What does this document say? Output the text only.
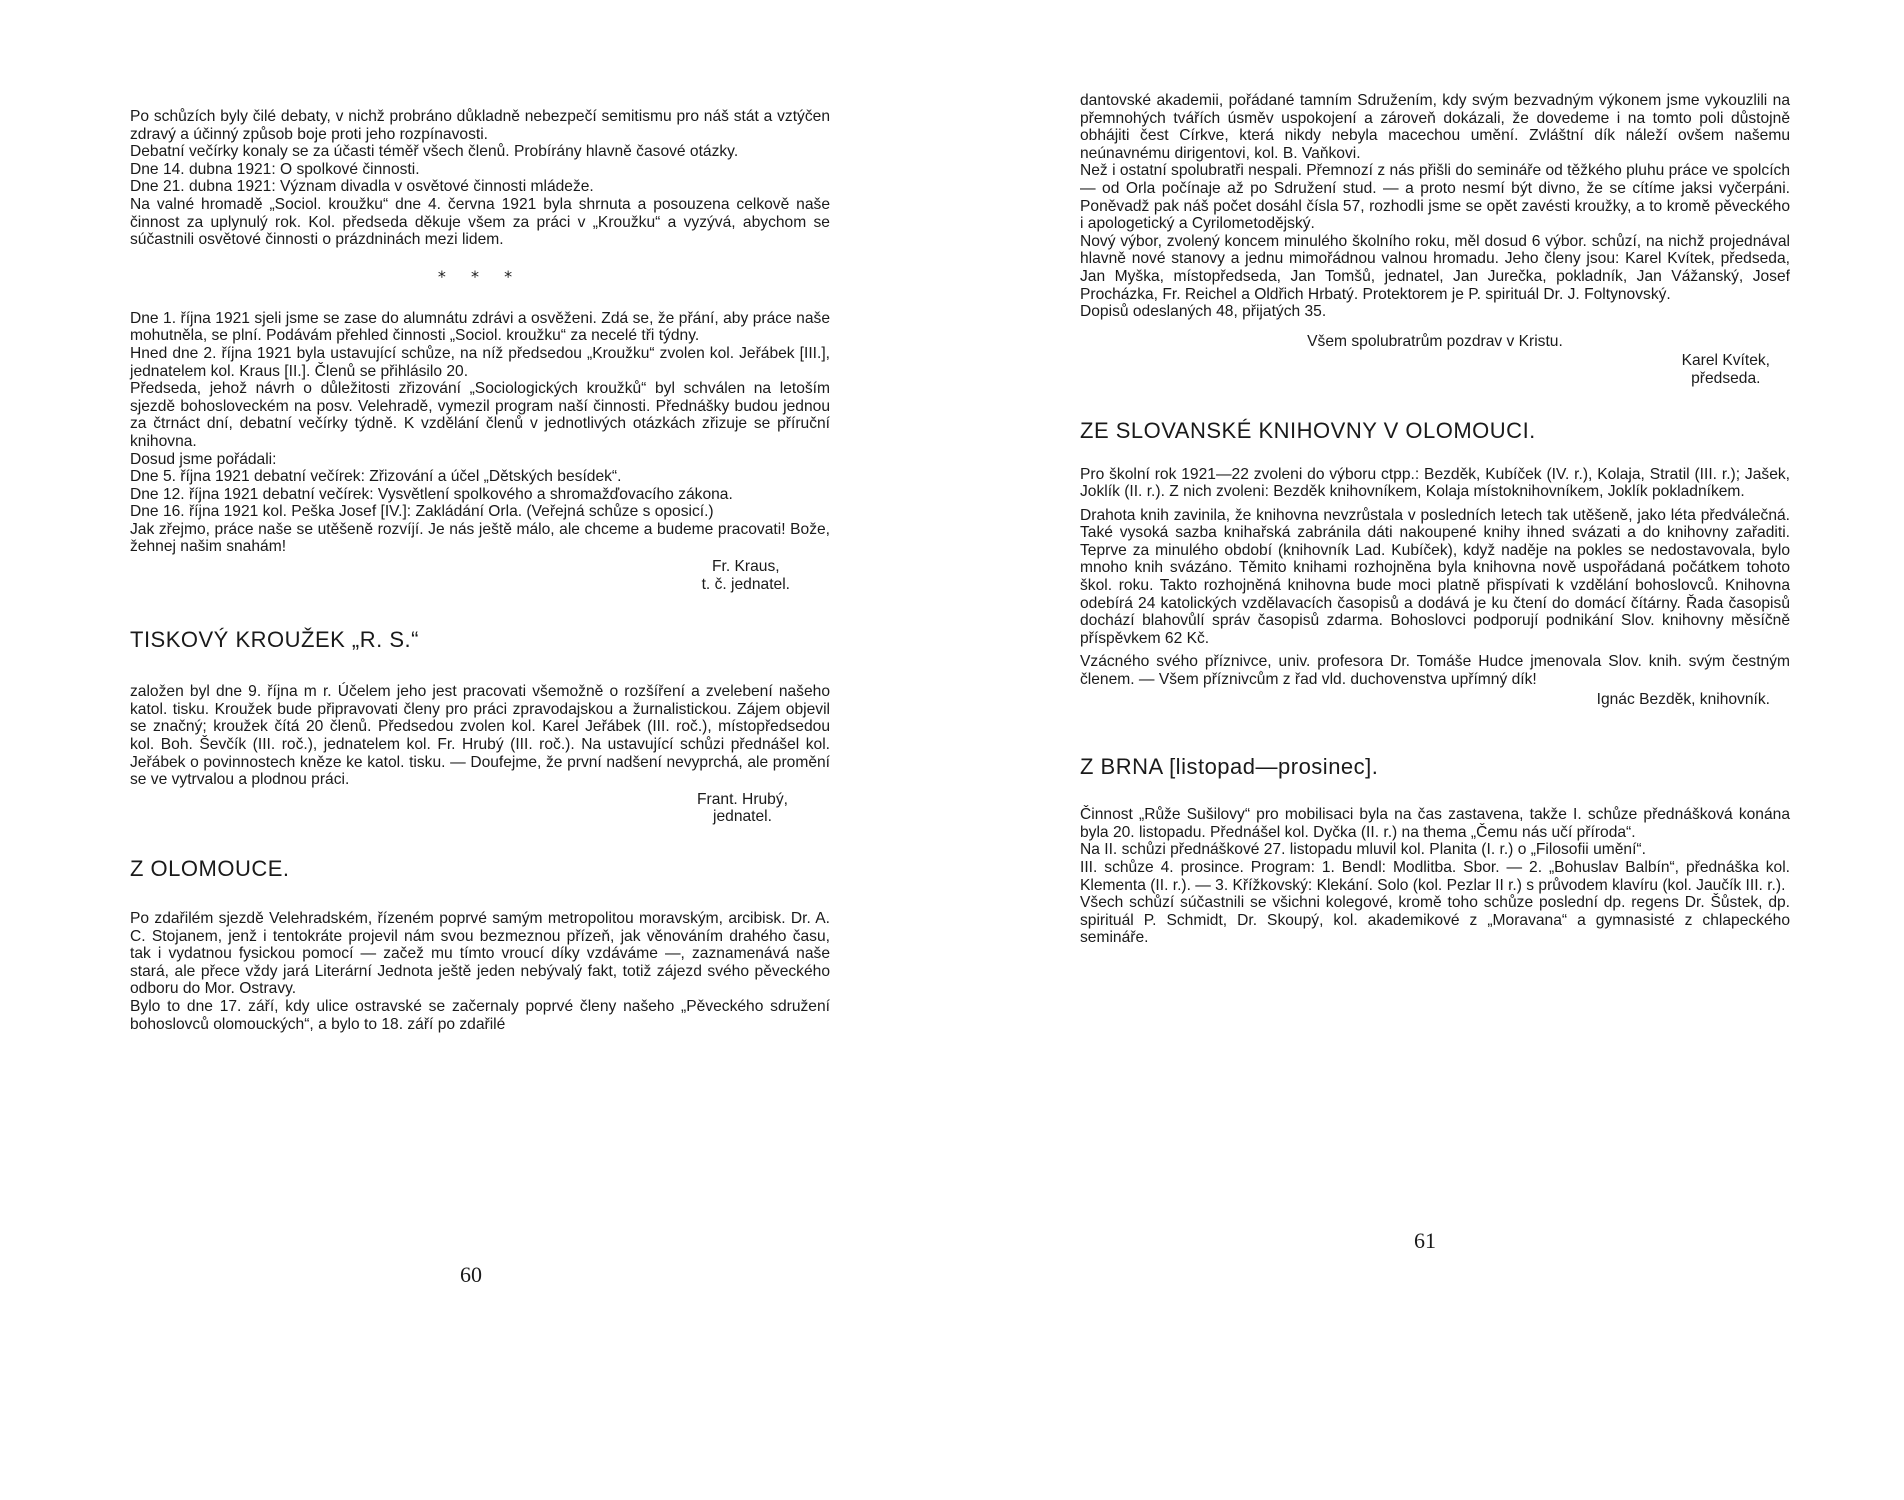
Po schůzích byly čilé debaty, v nichž probráno důkladně nebezpečí semitismu pro náš stát a vztýčen zdravý a účinný způsob boje proti jeho rozpínavosti.

Debatní večírky konaly se za účasti téměř všech členů. Probírány hlavně časové otázky.

Dne 14. dubna 1921: O spolkové činnosti.

Dne 21. dubna 1921: Význam divadla v osvětové činnosti mládeže.

Na valné hromadě „Sociol. kroužku“ dne 4. června 1921 byla shrnuta a posouzena celkově naše činnost za uplynulý rok. Kol. předseda děkuje všem za práci v „Kroužku“ a vyzývá, abychom se súčastnili osvětové činnosti o prázdninách mezi lidem.

* * *

Dne 1. října 1921 sjeli jsme se zase do alumnátu zdrávi a osvěženi. Zdá se, že přání, aby práce naše mohutněla, se plní. Podávám přehled činnosti „Sociol. kroužku“ za necelé tři týdny.

Hned dne 2. října 1921 byla ustavující schůze, na níž předsedou „Kroužku“ zvolen kol. Jeřábek [III.], jednatelem kol. Kraus [II.]. Členů se přihlásilo 20.

Předseda, jehož návrh o důležitosti zřizování „Sociologických kroužků“ byl schválen na letoším sjezdě bohosloveckém na posv. Velehradě, vymezil program naší činnosti. Přednášky budou jednou za čtrnáct dní, debatní večírky týdně. K vzdělání členů v jednotlivých otázkách zřizuje se příruční knihovna.

Dosud jsme pořádali:

Dne 5. října 1921 debatní večírek: Zřizování a účel „Dětských besídek“.

Dne 12. října 1921 debatní večírek: Vysvětlení spolkového a shromažďovacího zákona.

Dne 16. října 1921 kol. Peška Josef [IV.]: Zakládání Orla. (Veřejná schůze s oposicí.)

Jak zřejmo, práce naše se utěšeně rozvíjí. Je nás ještě málo, ale chceme a budeme pracovati! Bože, žehnej našim snahám!

Fr. Kraus,
t. č. jednatel.
TISKOVÝ KROUŽEK „R. S.“

založen byl dne 9. října m r. Účelem jeho jest pracovati všemožně o rozšíření a zvelebení našeho katol. tisku. Kroužek bude připravovati členy pro práci zpravodajskou a žurnalistickou. Zájem objevil se značný; kroužek čítá 20 členů. Předsedou zvolen kol. Karel Jeřábek (III. roč.), místopředsedou kol. Boh. Ševčík (III. roč.), jednatelem kol. Fr. Hrubý (III. roč.). Na ustavující schůzi přednášel kol. Jeřábek o povinnostech kněze ke katol. tisku. — Doufejme, že první nadšení nevyprchá, ale promění se ve vytrvalou a plodnou práci.

Frant. Hrubý,
jednatel.
Z OLOMOUCE.

Po zdařilém sjezdě Velehradském, řízeném poprvé samým metropolitou moravským, arcibisk. Dr. A. C. Stojanem, jenž i tentokráte projevil nám svou bezmeznou přízeň, jak věnováním drahého času, tak i vydatnou fysickou pomocí — začež mu tímto vroucí díky vzdáváme —, zaznamenává naše stará, ale přece vždy jará Literární Jednota ještě jeden nebývalý fakt, totiž zájezd svého pěveckého odboru do Mor. Ostravy.

Bylo to dne 17. září, kdy ulice ostravské se začernaly poprvé členy našeho „Pěveckého sdružení bohoslovců olomouckých“, a bylo to 18. září po zdařilé

60

dantovské akademii, pořádané tamním Sdružením, kdy svým bezvadným výkonem jsme vykouzlili na přemnohých tvářích úsměv uspokojení a zároveň dokázali, že dovedeme i na tomto poli důstojně obhájiti čest Církve, která nikdy nebyla macechou umění. Zvláštní dík náleží ovšem našemu neúnavnému dirigentovi, kol. B. Vaňkovi.

Než i ostatní spolubratři nespali. Přemnozí z nás přišli do semináře od těžkého pluhu práce ve spolcích — od Orla počínaje až po Sdružení stud. — a proto nesmí být divno, že se cítíme jaksi vyčerpáni. Poněvadž pak náš počet dosáhl čísla 57, rozhodli jsme se opět zavésti kroužky, a to kromě pěveckého i apologetický a Cyrilometodějský.

Nový výbor, zvolený koncem minulého školního roku, měl dosud 6 výbor. schůzí, na nichž projednával hlavně nové stanovy a jednu mimořádnou valnou hromadu. Jeho členy jsou: Karel Kvítek, předseda, Jan Myška, místopředseda, Jan Tomšů, jednatel, Jan Jurečka, pokladník, Jan Vážanský, Josef Procházka, Fr. Reichel a Oldřich Hrbatý. Protektorem je P. spirituál Dr. J. Foltynovský.

Dopisů odeslaných 48, přijatých 35.

Všem spolubratrům pozdrav v Kristu.

Karel Kvítek,
předseda.
ZE SLOVANSKÉ KNIHOVNY V OLOMOUCI.

Pro školní rok 1921—22 zvoleni do výboru ctpp.: Bezděk, Kubíček (IV. r.), Kolaja, Stratil (III. r.); Jašek, Joklík (II. r.). Z nich zvoleni: Bezděk knihovníkem, Kolaja místoknihovníkem, Joklík pokladníkem.

Drahota knih zavinila, že knihovna nevzrůstala v posledních letech tak utěšeně, jako léta předválečná. Také vysoká sazba knihařská zabránila dáti nakoupené knihy ihned svázati a do knihovny zařaditi. Teprve za minulého období (knihovník Lad. Kubíček), když naděje na pokles se nedostavovala, bylo mnoho knih svázáno. Těmito knihami rozhojněna byla knihovna nově uspořádaná počátkem tohoto škol. roku. Takto rozhojněná knihovna bude moci platně přispívati k vzdělání bohoslovců. Knihovna odebírá 24 katolických vzdělavacích časopisů a dodává je ku čtení do domácí čítárny. Řada časopisů dochází blahovůlí správ časopisů zdarma. Bohoslovci podporují podnikání Slov. knihovny měsíčně příspěvkem 62 Kč.

Vzácného svého příznivce, univ. profesora Dr. Tomáše Hudce jmenovala Slov. knih. svým čestným členem. — Všem příznivcům z řad vld. duchovenstva upřímný dík!

Ignác Bezděk, knihovník.
Z BRNA [listopad—prosinec].

Činnost „Růže Sušilovy“ pro mobilisaci byla na čas zastavena, takže I. schůze přednášková konána byla 20. listopadu. Přednášel kol. Dyčka (II. r.) na thema „Čemu nás učí příroda“.

Na II. schůzi přednáškové 27. listopadu mluvil kol. Planita (I. r.) o „Filosofii umění“.

III. schůze 4. prosince. Program: 1. Bendl: Modlitba. Sbor. — 2. „Bohuslav Balbín“, přednáška kol. Klementa (II. r.). — 3. Křížkovský: Klekání. Solo (kol. Pezlar II r.) s průvodem klavíru (kol. Jaučík III. r.).

Všech schůzí súčastnili se všichni kolegové, kromě toho schůze poslední dp. regens Dr. Šůstek, dp. spirituál P. Schmidt, Dr. Skoupý, kol. akademikové z „Moravana“ a gymnasisté z chlapeckého semináře.

61
